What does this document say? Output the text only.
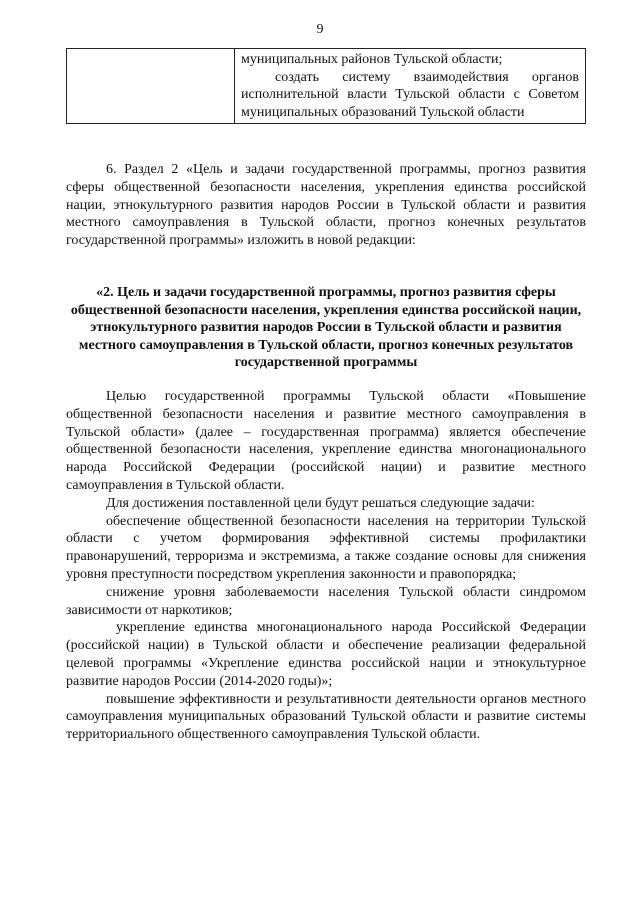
9

муниципальных районов Тульской области;

создать систему взаимодействия органов исполнительной власти Тульской области с Советом муниципальных образований Тульской области

6. Раздел 2 «Цель и задачи государственной программы, прогноз развития сферы общественной безопасности населения, укрепления единства российской нации, этнокультурного развития народов России в Тульской области и развития местного самоуправления в Тульской области, прогноз конечных результатов государственной программы» изложить в новой редакции:

«2. Цель и задачи государственной программы, прогноз развития сферы общественной безопасности населения, укрепления единства российской нации, этнокультурного развития народов России в Тульской области и развития местного самоуправления в Тульской области, прогноз конечных результатов государственной программы

Целью государственной программы Тульской области «Повышение общественной безопасности населения и развитие местного самоуправления в Тульской области» (далее – государственная программа) является обеспечение общественной безопасности населения, укрепление единства многонационального народа Российской Федерации (российской нации) и развитие местного самоуправления в Тульской области.

Для достижения поставленной цели будут решаться следующие задачи:

обеспечение общественной безопасности населения на территории Тульской области с учетом формирования эффективной системы профилактики правонарушений, терроризма и экстремизма, а также создание основы для снижения уровня преступности посредством укрепления законности и правопорядка;

снижение уровня заболеваемости населения Тульской области синдромом зависимости от наркотиков;

укрепление единства многонационального народа Российской Федерации (российской нации) в Тульской области и обеспечение реализации федеральной целевой программы «Укрепление единства российской нации и этнокультурное развитие народов России (2014-2020 годы)»;

повышение эффективности и результативности деятельности органов местного самоуправления муниципальных образований Тульской области и развитие системы территориального общественного самоуправления Тульской области.
